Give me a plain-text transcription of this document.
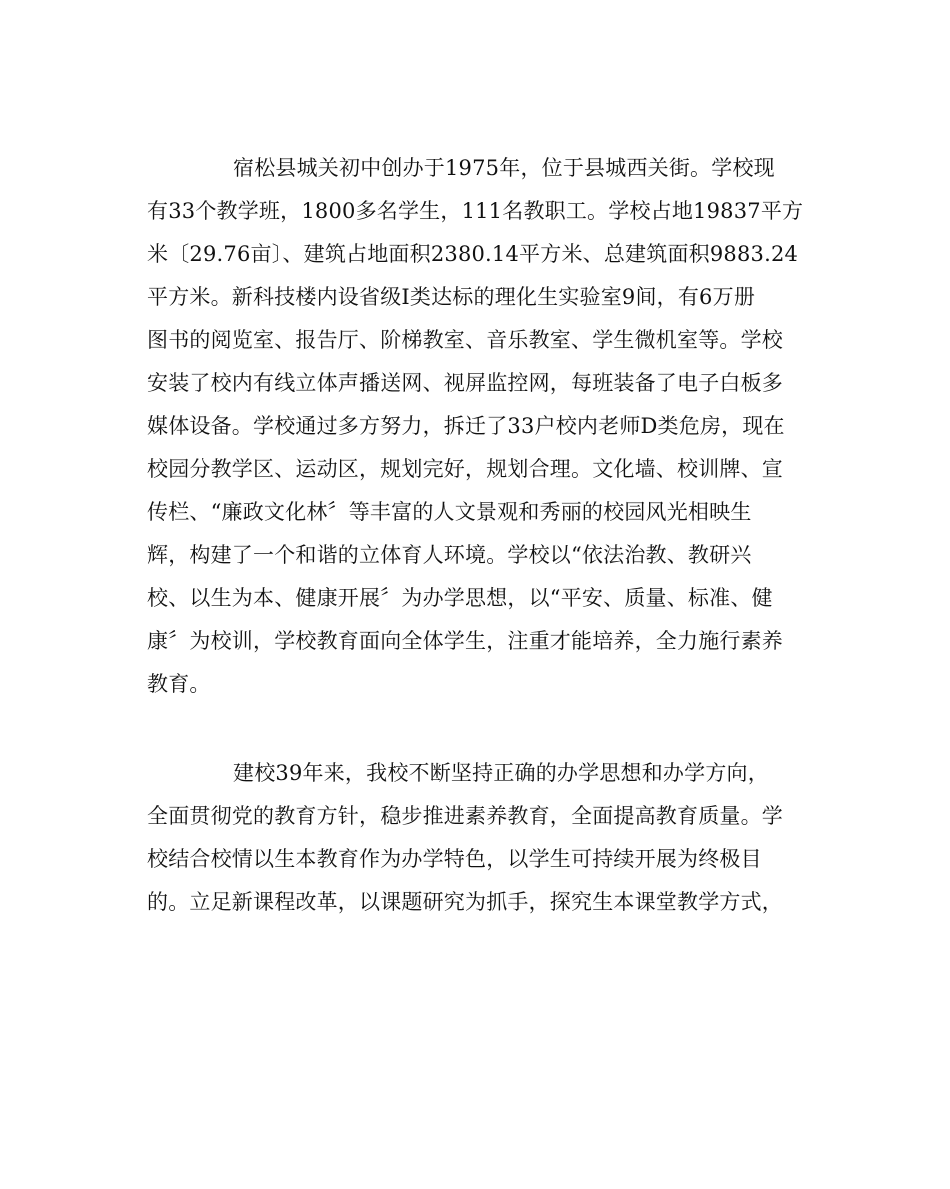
宿松县城关初中创办于1975年，位于县城西关街。学校现
有33个教学班，1800多名学生，111名教职工。学校占地19837平方
米〔29.76亩〕、建筑占地面积2380.14平方米、总建筑面积9883.24
平方米。新科技楼内设省级Ⅰ类达标的理化生实验室9间，有6万册
图书的阅览室、报告厅、阶梯教室、音乐教室、学生微机室等。学校
安装了校内有线立体声播送网、视屏监控网，每班装备了电子白板多
媒体设备。学校通过多方努力，拆迁了33户校内老师D类危房，现在
校园分教学区、运动区，规划完好，规划合理。文化墙、校训牌、宣
传栏、“廉政文化林〞等丰富的人文景观和秀丽的校园风光相映生
辉，构建了一个和谐的立体育人环境。学校以“依法治教、教研兴
校、以生为本、健康开展〞为办学思想，以“平安、质量、标准、健
康〞为校训，学校教育面向全体学生，注重才能培养，全力施行素养
教育。
建校39年来，我校不断坚持正确的办学思想和办学方向，
全面贯彻党的教育方针，稳步推进素养教育，全面提高教育质量。学
校结合校情以生本教育作为办学特色，以学生可持续开展为终极目
的。立足新课程改革，以课题研究为抓手，探究生本课堂教学方式，
